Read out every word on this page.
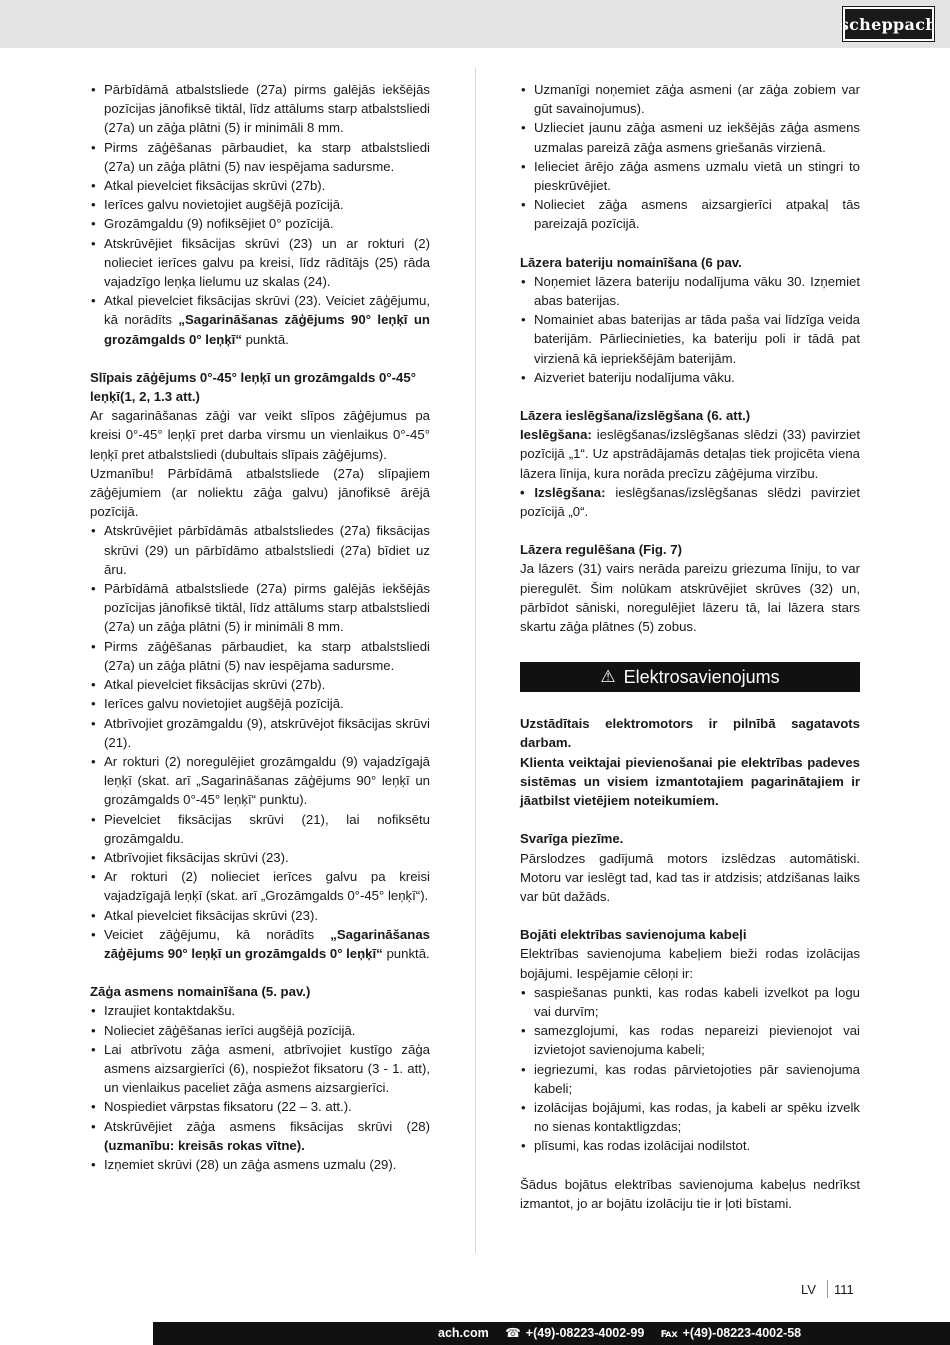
scheppach
• Pārbīdāmā atbalstsliede (27a) pirms galējās iekšējās pozīcijas jānofiksē tiktāl, līdz attālums starp atbalstsliedi (27a) un zāģa plātni (5) ir minimāli 8 mm.
• Pirms zāģēšanas pārbaudiet, ka starp atbalstsliedi (27a) un zāģa plātni (5) nav iespējama sadursme.
• Atkal pievelciet fiksācijas skrūvi (27b).
• Ierīces galvu novietojiet augšējā pozīcijā.
• Grozāmgaldu (9) nofiksējiet 0° pozīcijā.
• Atskrūvējiet fiksācijas skrūvi (23) un ar rokturi (2) nolieciet ierīces galvu pa kreisi, līdz rādītājs (25) rāda vajadzīgo leņķa lielumu uz skalas (24).
• Atkal pievelciet fiksācijas skrūvi (23). Veiciet zāģējumu, kā norādīts „Sagarināšanas zāģējums 90° leņķī un grozāmgalds 0° leņķī“ punktā.
Slīpais zāģējums 0°-45° leņķī un grozāmgalds 0°-45° leņķī(1, 2, 1.3 att.)

Ar sagarināšanas zāģi var veikt slīpos zāģējumus pa kreisi 0°-45° leņķī pret darba virsmu un vienlaikus 0°-45° leņķī pret atbalstsliedi (dubultais slīpais zāģējums).

Uzmanību! Pārbīdāmā atbalstsliede (27a) slīpajiem zāģējumiem (ar noliektu zāģa galvu) jānofiksē ārējā pozīcijā.

• Atskrūvējiet pārbīdāmās atbalstsliedes (27a) fiksācijas skrūvi (29) un pārbīdāmo atbalstsliedi (27a) bīdiet uz āru.
• Pārbīdāmā atbalstsliede (27a) pirms galējās iekšējās pozīcijas jānofiksē tiktāl, līdz attālums starp atbalstsliedi (27a) un zāģa plātni (5) ir minimāli 8 mm.
• Pirms zāģēšanas pārbaudiet, ka starp atbalstsliedi (27a) un zāģa plātni (5) nav iespējama sadursme.
• Atkal pievelciet fiksācijas skrūvi (27b).
• Ierīces galvu novietojiet augšējā pozīcijā.
• Atbrīvojiet grozāmgaldu (9), atskrūvējot fiksācijas skrūvi (21).
• Ar rokturi (2) noregulējiet grozāmgaldu (9) vajadzīgajā leņķī (skat. arī „Sagarināšanas zāģējums 90° leņķī un grozāmgalds 0°-45° leņķī“ punktu).
• Pievelciet fiksācijas skrūvi (21), lai nofiksētu grozāmgaldu.
• Atbrīvojiet fiksācijas skrūvi (23).
• Ar rokturi (2) nolieciet ierīces galvu pa kreisi vajadzīgajā leņķī (skat. arī „Grozāmgalds 0°-45° leņķī“).
• Atkal pievelciet fiksācijas skrūvi (23).
• Veiciet zāģējumu, kā norādīts „Sagarināšanas zāģējums 90° leņķī un grozāmgalds 0° leņķī“ punktā.
Zāģa asmens nomainīšana (5. pav.)
• Izraujiet kontaktdakšu.
• Nolieciet zāģēšanas ierīci augšējā pozīcijā.
• Lai atbrīvotu zāģa asmeni, atbrīvojiet kustīgo zāģa asmens aizsargierīci (6), nospiežot fiksatoru (3 - 1. att), un vienlaikus paceliet zāģa asmens aizsargierīci.
• Nospiediet vārpstas fiksatoru (22 – 3. att.).
• Atskrūvējiet zāģa asmens fiksācijas skrūvi (28) (uzmanību: kreisās rokas vītne).
• Izņemiet skrūvi (28) un zāģa asmens uzmalu (29).
• Uzmanīgi noņemiet zāģa asmeni (ar zāģa zobiem var gūt savainojumus).
• Uzlieciet jaunu zāģa asmeni uz iekšējās zāģa asmens uzmalas pareizā zāģa asmens griešanās virzienā.
• Ielieciet ārējo zāģa asmens uzmalu vietā un stingri to pieskrūvējiet.
• Nolieciet zāģa asmens aizsargierīci atpakaļ tās pareizajā pozīcijā.
Lāzera bateriju nomainīšana (6 pav.
• Noņemiet lāzera bateriju nodalījuma vāku 30. Izņemiet abas baterijas.
• Nomainiet abas baterijas ar tāda paša vai līdzīga veida baterijām. Pārliecinieties, ka bateriju poli ir tādā pat virzienā kā iepriekšējām baterijām.
• Aizveriet bateriju nodalījuma vāku.
Lāzera ieslēgšana/izslēgšana (6. att.)

Ieslēgšana: ieslēgšanas/izslēgšanas slēdzi (33) pavirziet pozīcijā „1“. Uz apstrādājamās detaļas tiek projicēta viena lāzera līnija, kura norāda precīzu zāģējuma virzību.

• Izslēgšana: ieslēgšanas/izslēgšanas slēdzi pavirziet pozīcijā „0“.

Lāzera regulēšana (Fig. 7)

Ja lāzers (31) vairs nerāda pareizu griezuma līniju, to var pieregulēt. Šim nolūkam atskrūvējiet skrūves (32) un, pārbīdot sāniski, noregulējiet lāzeru tā, lai lāzera stars skartu zāģa plātnes (5) zobus.

⚠ Elektrosavienojums

Uzstādītais elektromotors ir pilnībā sagatavots darbam.

Klienta veiktajai pievienošanai pie elektrības padeves sistēmas un visiem izmantotajiem pagarinātajiem ir jāatbilst vietējiem noteikumiem.

Svarīga piezīme.

Pārslodzes gadījumā motors izslēdzas automātiski. Motoru var ieslēgt tad, kad tas ir atdzisis; atdzišanas laiks var būt dažāds.

Bojāti elektrības savienojuma kabeļi

Elektrības savienojuma kabeļiem bieži rodas izolācijas bojājumi. Iespējamie cēloņi ir:

• saspiešanas punkti, kas rodas kabeli izvelkot pa logu vai durvīm;
• samezglojumi, kas rodas nepareizi pievienojot vai izvietojot savienojuma kabeli;
• iegriezumi, kas rodas pārvietojoties pār savienojuma kabeli;
• izolācijas bojājumi, kas rodas, ja kabeli ar spēku izvelk no sienas kontaktligzdas;
• plīsumi, kas rodas izolācijai nodilstot.

Šādus bojātus elektrības savienojuma kabeļus nedrīkst izmantot, jo ar bojātu izolāciju tie ir ļoti bīstami.

LV 111
ach.com ☎ +(49)-08223-4002-99 ℻ +(49)-08223-4002-58
